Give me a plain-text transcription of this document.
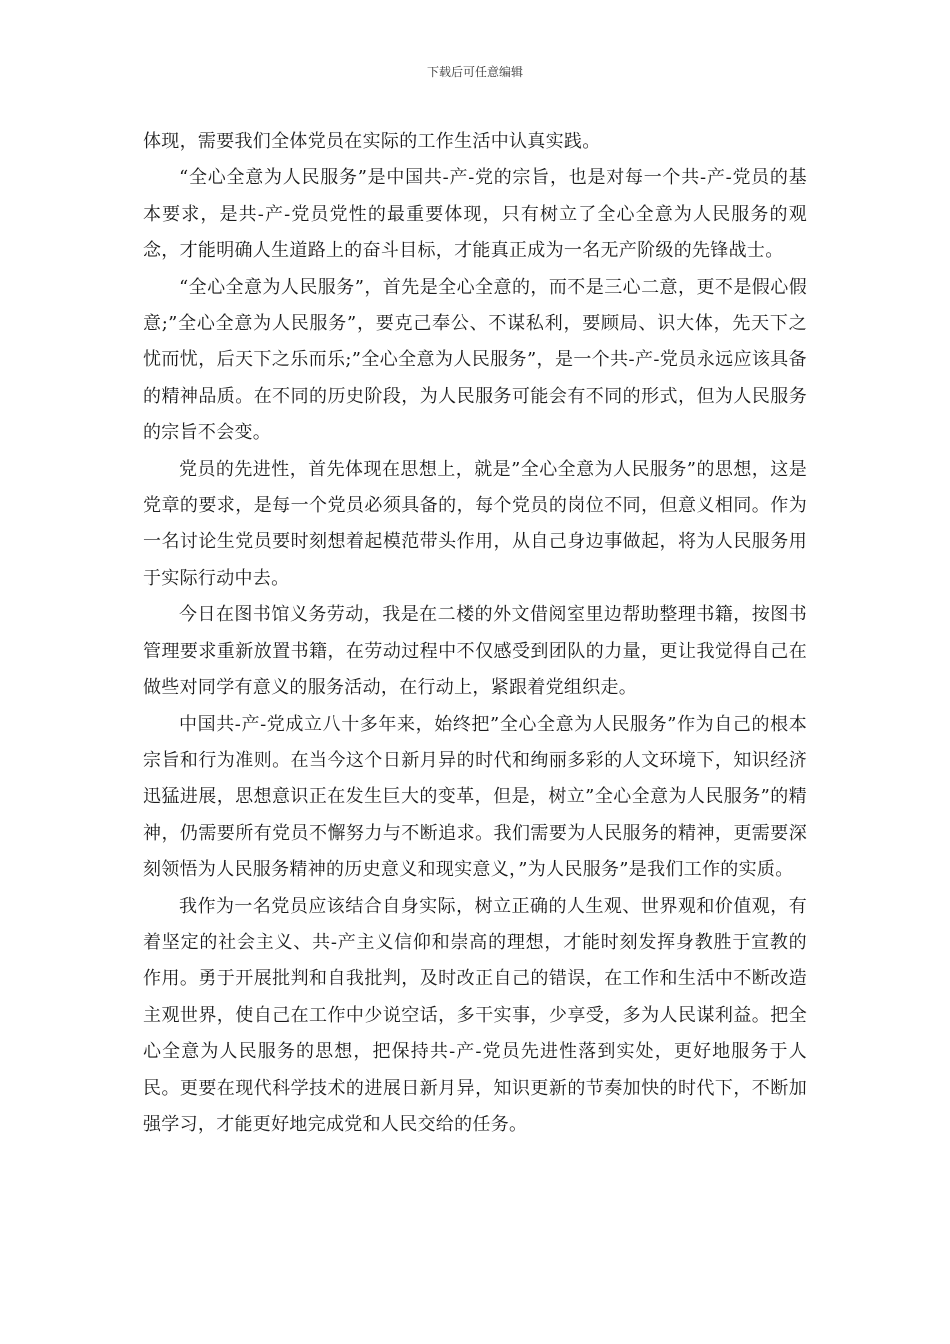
下载后可任意编辑

体现，需要我们全体党员在实际的工作生活中认真实践。

“全心全意为人民服务”是中国共-产-党的宗旨，也是对每一个共-产-党员的基本要求，是共-产-党员党性的最重要体现，只有树立了全心全意为人民服务的观念，才能明确人生道路上的奋斗目标，才能真正成为一名无产阶级的先锋战士。

“全心全意为人民服务”，首先是全心全意的，而不是三心二意，更不是假心假意;”全心全意为人民服务”，要克己奉公、不谋私利，要顾局、识大体，先天下之忧而忧，后天下之乐而乐;”全心全意为人民服务”，是一个共-产-党员永远应该具备的精神品质。在不同的历史阶段，为人民服务可能会有不同的形式，但为人民服务的宗旨不会变。

党员的先进性，首先体现在思想上，就是”全心全意为人民服务”的思想，这是党章的要求，是每一个党员必须具备的，每个党员的岗位不同，但意义相同。作为一名讨论生党员要时刻想着起模范带头作用，从自己身边事做起，将为人民服务用于实际行动中去。

今日在图书馆义务劳动，我是在二楼的外文借阅室里边帮助整理书籍，按图书管理要求重新放置书籍，在劳动过程中不仅感受到团队的力量，更让我觉得自己在做些对同学有意义的服务活动，在行动上，紧跟着党组织走。

中国共-产-党成立八十多年来，始终把”全心全意为人民服务”作为自己的根本宗旨和行为准则。在当今这个日新月异的时代和绚丽多彩的人文环境下，知识经济迅猛进展，思想意识正在发生巨大的变革，但是，树立”全心全意为人民服务”的精神，仍需要所有党员不懈努力与不断追求。我们需要为人民服务的精神，更需要深刻领悟为人民服务精神的历史意义和现实意义，”为人民服务”是我们工作的实质。

我作为一名党员应该结合自身实际，树立正确的人生观、世界观和价值观，有着坚定的社会主义、共-产主义信仰和崇高的理想，才能时刻发挥身教胜于宣教的作用。勇于开展批判和自我批判，及时改正自己的错误，在工作和生活中不断改造主观世界，使自己在工作中少说空话，多干实事，少享受，多为人民谋利益。把全心全意为人民服务的思想，把保持共-产-党员先进性落到实处，更好地服务于人民。更要在现代科学技术的进展日新月异，知识更新的节奏加快的时代下，不断加强学习，才能更好地完成党和人民交给的任务。
